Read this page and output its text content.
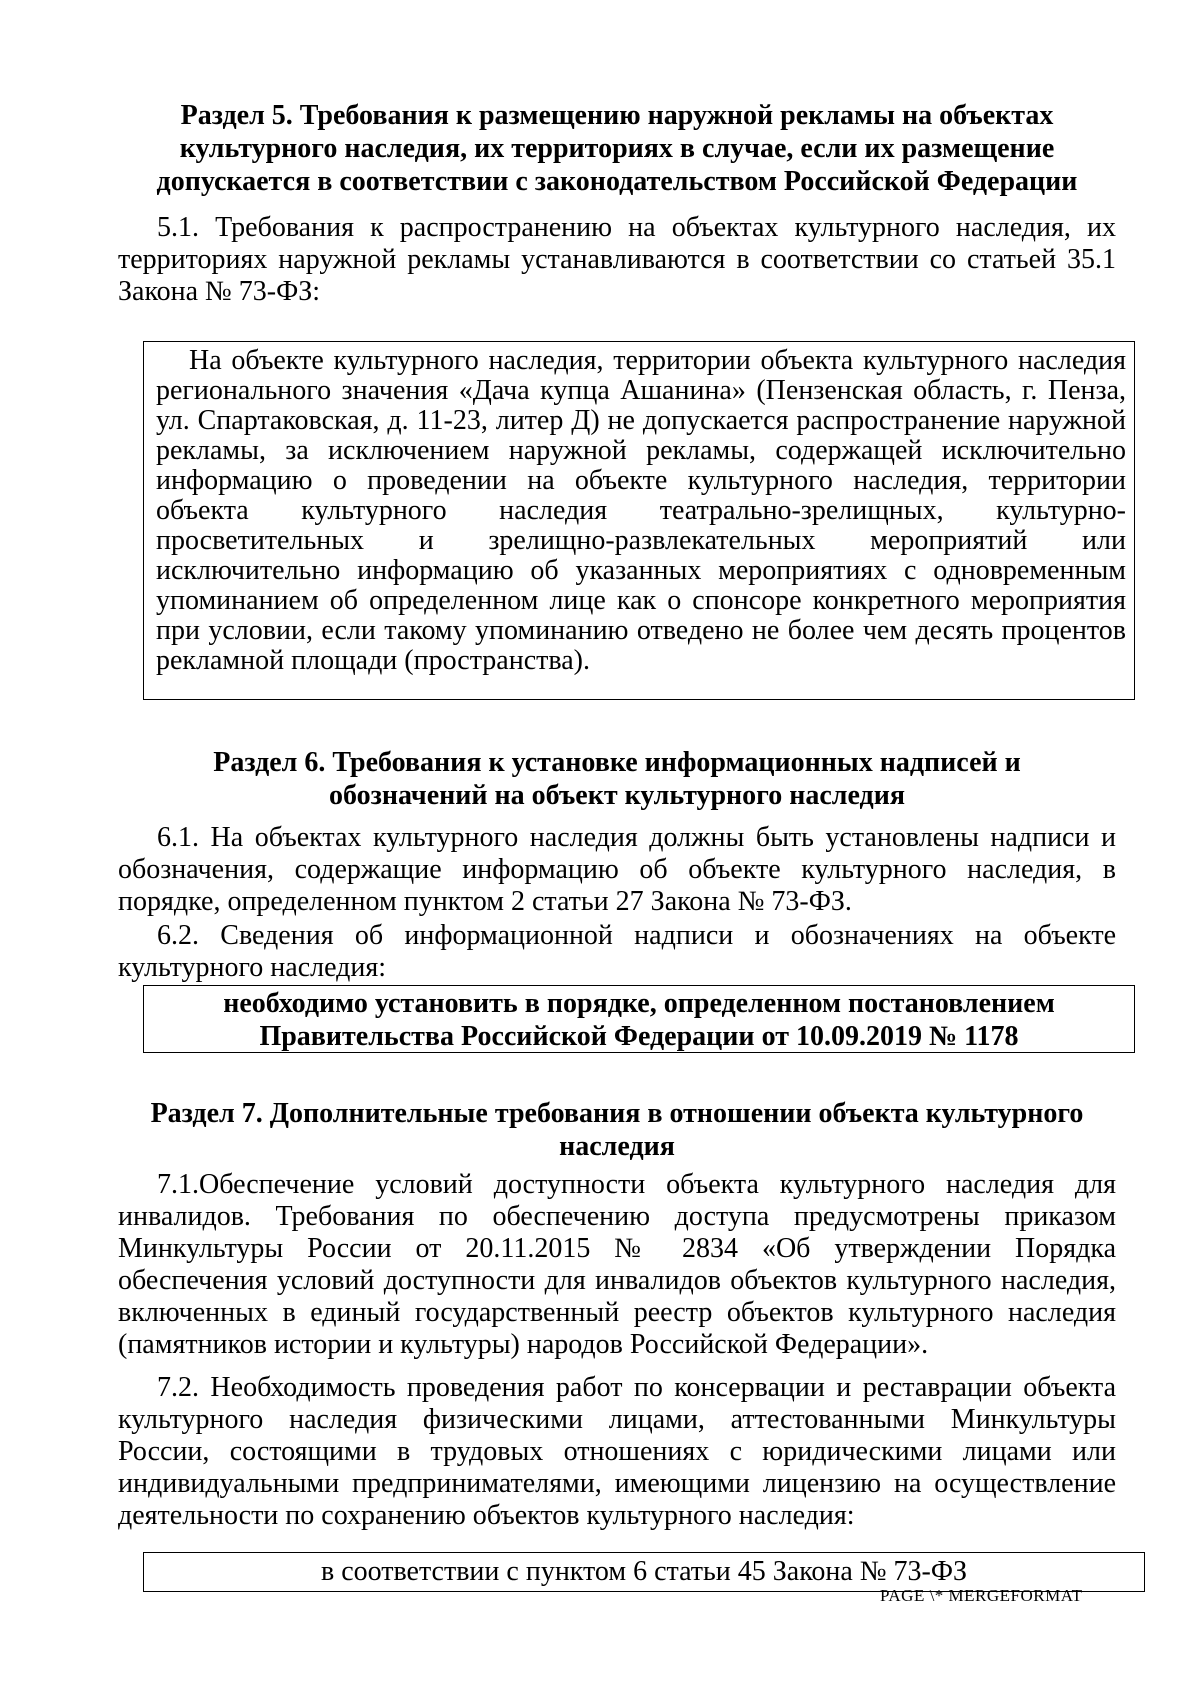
Раздел 5. Требования к размещению наружной рекламы на объектах
культурного наследия, их территориях в случае, если их размещение
допускается в соответствии с законодательством Российской Федерации
5.1. Требования к распространению на объектах культурного наследия, их территориях наружной рекламы устанавливаются в соответствии со статьей 35.1 Закона № 73-ФЗ:
На объекте культурного наследия, территории объекта культурного наследия регионального значения «Дача купца Ашанина» (Пензенская область, г. Пенза, ул. Спартаковская, д. 11-23, литер Д) не допускается распространение наружной рекламы, за исключением наружной рекламы, содержащей исключительно информацию о проведении на объекте культурного наследия, территории объекта культурного наследия театрально-зрелищных, культурно-просветительных и зрелищно-развлекательных мероприятий или исключительно информацию об указанных мероприятиях с одновременным упоминанием об определенном лице как о спонсоре конкретного мероприятия при условии, если такому упоминанию отведено не более чем десять процентов рекламной площади (пространства).
Раздел 6. Требования к установке информационных надписей и
обозначений на объект культурного наследия
6.1. На объектах культурного наследия должны быть установлены надписи и обозначения, содержащие информацию об объекте культурного наследия, в порядке, определенном пунктом 2 статьи 27 Закона № 73-ФЗ.
6.2. Сведения об информационной надписи и обозначениях на объекте культурного наследия:
необходимо установить в порядке, определенном постановлением
Правительства Российской Федерации от 10.09.2019 № 1178
Раздел 7. Дополнительные требования в отношении объекта культурного
наследия
7.1.Обеспечение условий доступности объекта культурного наследия для инвалидов. Требования по обеспечению доступа предусмотрены приказом Минкультуры России от 20.11.2015 № 2834 «Об утверждении Порядка обеспечения условий доступности для инвалидов объектов культурного наследия, включенных в единый государственный реестр объектов культурного наследия (памятников истории и культуры) народов Российской Федерации».
7.2. Необходимость проведения работ по консервации и реставрации объекта культурного наследия физическими лицами, аттестованными Минкультуры России, состоящими в трудовых отношениях с юридическими лицами или индивидуальными предпринимателями, имеющими лицензию на осуществление деятельности по сохранению объектов культурного наследия:
в соответствии с пунктом 6 статьи 45 Закона № 73-ФЗ
PAGE \* MERGEFORMAT
